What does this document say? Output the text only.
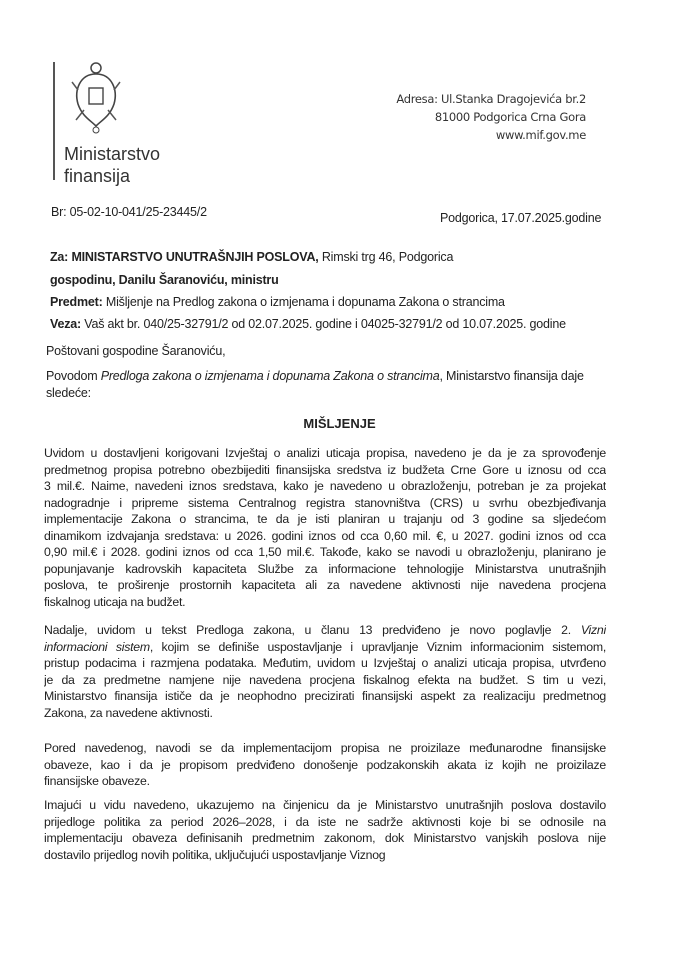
Ministarstvo
finansija
Adresa: Ul.Stanka Dragojevića br.2
81000 Podgorica Crna Gora
www.mif.gov.me
Br: 05-02-10-041/25-23445/2	Podgorica, 17.07.2025.godine
Za: MINISTARSTVO UNUTRAŠNJIH POSLOVA, Rimski trg 46, Podgorica
gospodinu, Danilu Šaranoviću, ministru
Predmet: Mišljenje na Predlog zakona o izmjenama i dopunama Zakona o strancima
Veza: Vaš akt br. 040/25-32791/2 od 02.07.2025. godine i 04025-32791/2 od 10.07.2025. godine
Poštovani gospodine Šaranoviću,
Povodom Predloga zakona o izmjenama i dopunama Zakona o strancima, Ministarstvo finansija daje
sledeće:
MIŠLJENJE
Uvidom u dostavljeni korigovani Izvještaj o analizi uticaja propisa, navedeno je da je za sprovođenje
predmetnog propisa potrebno obezbijediti finansijska sredstva iz budžeta Crne Gore u iznosu od cca
3 mil.€. Naime, navedeni iznos sredstava, kako je navedeno u obrazloženju, potreban je za projekat
nadogradnje i pripreme sistema Centralnog registra stanovništva (CRS) u svrhu obezbjeđivanja
implementacije Zakona o strancima, te da je isti planiran u trajanju od 3 godine sa sljedećom
dinamikom izdvajanja sredstava: u 2026. godini iznos od cca 0,60 mil. €, u 2027. godini iznos od cca
0,90 mil.€ i 2028. godini iznos od cca 1,50 mil.€. Takođe, kako se navodi u obrazloženju, planirano je
popunjavanje kadrovskih kapaciteta Službe za informacione tehnologije Ministarstva unutrašnjih
poslova, te proširenje prostornih kapaciteta ali za navedene aktivnosti nije navedena procjena
fiskalnog uticaja na budžet.
Nadalje, uvidom u tekst Predloga zakona, u članu 13 predviđeno je novo poglavlje 2. Vizni
informacioni sistem, kojim se definiše uspostavljanje i upravljanje Viznim informacionim sistemom,
pristup podacima i razmjena podataka. Međutim, uvidom u Izvještaj o analizi uticaja propisa, utvrđeno
je da za predmetne namjene nije navedena procjena fiskalnog efekta na budžet. S tim u vezi,
Ministarstvo finansija ističe da je neophodno precizirati finansijski aspekt za realizaciju predmetnog
Zakona, za navedene aktivnosti.
Pored navedenog, navodi se da implementacijom propisa ne proizilaze međunarodne finansijske
obaveze, kao i da je propisom predviđeno donošenje podzakonskih akata iz kojih ne proizilaze
finansijske obaveze.
Imajući u vidu navedeno, ukazujemo na činjenicu da je Ministarstvo unutrašnjih poslova dostavilo
prijedloge politika za period 2026–2028, i da iste ne sadrže aktivnosti koje bi se odnosile na
implementaciju obaveza definisanih predmetnim zakonom, dok Ministarstvo vanjskih poslova nije
dostavilo prijedlog novih politika, uključujući uspostavljanje Viznog
